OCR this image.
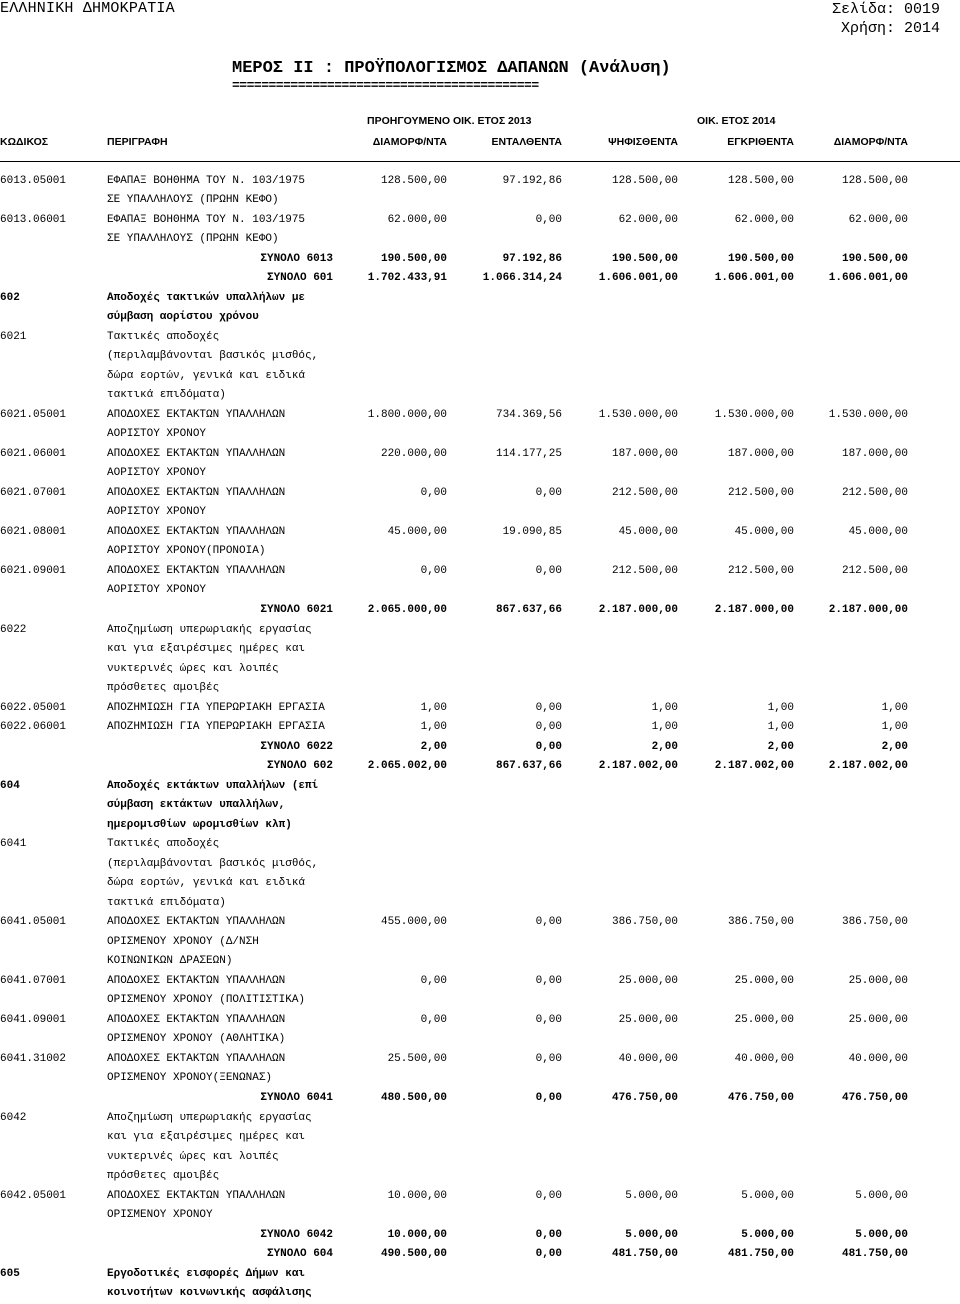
ΕΛΛΗΝΙΚΗ ΔΗΜΟΚΡΑΤΙΑ	Σελίδα: 0019
Χρήση: 2014
ΜΕΡΟΣ ΙΙ : ΠΡΟΫΠΟΛΟΓΙΣΜΟΣ ΔΑΠΑΝΩΝ (Ανάλυση)
==========================================
ΠΡΟΗΓΟΥΜΕΝΟ ΟΙΚ. ΕΤΟΣ 2013	ΟΙΚ. ΕΤΟΣ 2014
ΚΩΔΙΚΟΣ	ΠΕΡΙΓΡΑΦΗ	ΔΙΑΜΟΡΦ/ΝΤΑ	ΕΝΤΑΛΘΕΝΤΑ	ΨΗΦΙΣΘΕΝΤΑ	ΕΓΚΡΙΘΕΝΤΑ	ΔΙΑΜΟΡΦ/ΝΤΑ
6013.05001	ΕΦΑΠΑΞ ΒΟΗΘΗΜΑ ΤΟΥ Ν. 103/1975	128.500,00	97.192,86	128.500,00	128.500,00	128.500,00
ΣΕ ΥΠΑΛΛΗΛΟΥΣ (ΠΡΩΗΝ ΚΕΦΟ)
6013.06001	ΕΦΑΠΑΞ ΒΟΗΘΗΜΑ ΤΟΥ Ν. 103/1975	62.000,00	0,00	62.000,00	62.000,00	62.000,00
ΣΕ ΥΠΑΛΛΗΛΟΥΣ (ΠΡΩΗΝ ΚΕΦΟ)
ΣΥΝΟΛΟ 6013	190.500,00	97.192,86	190.500,00	190.500,00	190.500,00
ΣΥΝΟΛΟ 601	1.702.433,91	1.066.314,24	1.606.001,00	1.606.001,00	1.606.001,00
602	Αποδοχές τακτικών υπαλλήλων με
σύμβαση αορίστου χρόνου
6021	Τακτικές αποδοχές
(περιλαμβάνονται βασικός μισθός,
δώρα εορτών, γενικά και ειδικά
τακτικά επιδόματα)
6021.05001	ΑΠΟΔΟΧΕΣ ΕΚΤΑΚΤΩΝ ΥΠΑΛΛΗΛΩΝ	1.800.000,00	734.369,56	1.530.000,00	1.530.000,00	1.530.000,00
ΑΟΡΙΣΤΟΥ ΧΡΟΝΟΥ
6021.06001	ΑΠΟΔΟΧΕΣ ΕΚΤΑΚΤΩΝ ΥΠΑΛΛΗΛΩΝ	220.000,00	114.177,25	187.000,00	187.000,00	187.000,00
ΑΟΡΙΣΤΟΥ ΧΡΟΝΟΥ
6021.07001	ΑΠΟΔΟΧΕΣ ΕΚΤΑΚΤΩΝ ΥΠΑΛΛΗΛΩΝ	0,00	0,00	212.500,00	212.500,00	212.500,00
ΑΟΡΙΣΤΟΥ ΧΡΟΝΟΥ
6021.08001	ΑΠΟΔΟΧΕΣ ΕΚΤΑΚΤΩΝ ΥΠΑΛΛΗΛΩΝ	45.000,00	19.090,85	45.000,00	45.000,00	45.000,00
ΑΟΡΙΣΤΟΥ ΧΡΟΝΟΥ(ΠΡΟΝΟΙΑ)
6021.09001	ΑΠΟΔΟΧΕΣ ΕΚΤΑΚΤΩΝ ΥΠΑΛΛΗΛΩΝ	0,00	0,00	212.500,00	212.500,00	212.500,00
ΑΟΡΙΣΤΟΥ ΧΡΟΝΟΥ
ΣΥΝΟΛΟ 6021	2.065.000,00	867.637,66	2.187.000,00	2.187.000,00	2.187.000,00
6022	Αποζημίωση υπερωριακής εργασίας
και για εξαιρέσιμες ημέρες και
νυκτερινές ώρες και λοιπές
πρόσθετες αμοιβές
6022.05001	ΑΠΟΖΗΜΙΩΣΗ ΓΙΑ ΥΠΕΡΩΡΙΑΚΗ ΕΡΓΑΣΙΑ	1,00	0,00	1,00	1,00	1,00
6022.06001	ΑΠΟΖΗΜΙΩΣΗ ΓΙΑ ΥΠΕΡΩΡΙΑΚΗ ΕΡΓΑΣΙΑ	1,00	0,00	1,00	1,00	1,00
ΣΥΝΟΛΟ 6022	2,00	0,00	2,00	2,00	2,00
ΣΥΝΟΛΟ 602	2.065.002,00	867.637,66	2.187.002,00	2.187.002,00	2.187.002,00
604	Αποδοχές εκτάκτων υπαλλήλων (επί
σύμβαση εκτάκτων υπαλλήλων,
ημερομισθίων ωρομισθίων κλπ)
6041	Τακτικές αποδοχές
(περιλαμβάνονται βασικός μισθός,
δώρα εορτών, γενικά και ειδικά
τακτικά επιδόματα)
6041.05001	ΑΠΟΔΟΧΕΣ ΕΚΤΑΚΤΩΝ ΥΠΑΛΛΗΛΩΝ	455.000,00	0,00	386.750,00	386.750,00	386.750,00
ΟΡΙΣΜΕΝΟΥ ΧΡΟΝΟΥ (Δ/ΝΣΗ
ΚΟΙΝΩΝΙΚΩΝ ΔΡΑΣΕΩΝ)
6041.07001	ΑΠΟΔΟΧΕΣ ΕΚΤΑΚΤΩΝ ΥΠΑΛΛΗΛΩΝ	0,00	0,00	25.000,00	25.000,00	25.000,00
ΟΡΙΣΜΕΝΟΥ ΧΡΟΝΟΥ (ΠΟΛΙΤΙΣΤΙΚΑ)
6041.09001	ΑΠΟΔΟΧΕΣ ΕΚΤΑΚΤΩΝ ΥΠΑΛΛΗΛΩΝ	0,00	0,00	25.000,00	25.000,00	25.000,00
ΟΡΙΣΜΕΝΟΥ ΧΡΟΝΟΥ (ΑΘΛΗΤΙΚΑ)
6041.31002	ΑΠΟΔΟΧΕΣ ΕΚΤΑΚΤΩΝ ΥΠΑΛΛΗΛΩΝ	25.500,00	0,00	40.000,00	40.000,00	40.000,00
ΟΡΙΣΜΕΝΟΥ ΧΡΟΝΟΥ(ΞΕΝΩΝΑΣ)
ΣΥΝΟΛΟ 6041	480.500,00	0,00	476.750,00	476.750,00	476.750,00
6042	Αποζημίωση υπερωριακής εργασίας
και για εξαιρέσιμες ημέρες και
νυκτερινές ώρες και λοιπές
πρόσθετες αμοιβές
6042.05001	ΑΠΟΔΟΧΕΣ ΕΚΤΑΚΤΩΝ ΥΠΑΛΛΗΛΩΝ	10.000,00	0,00	5.000,00	5.000,00	5.000,00
ΟΡΙΣΜΕΝΟΥ ΧΡΟΝΟΥ
ΣΥΝΟΛΟ 6042	10.000,00	0,00	5.000,00	5.000,00	5.000,00
ΣΥΝΟΛΟ 604	490.500,00	0,00	481.750,00	481.750,00	481.750,00
605	Εργοδοτικές εισφορές Δήμων και
κοινοτήτων κοινωνικής ασφάλισης
